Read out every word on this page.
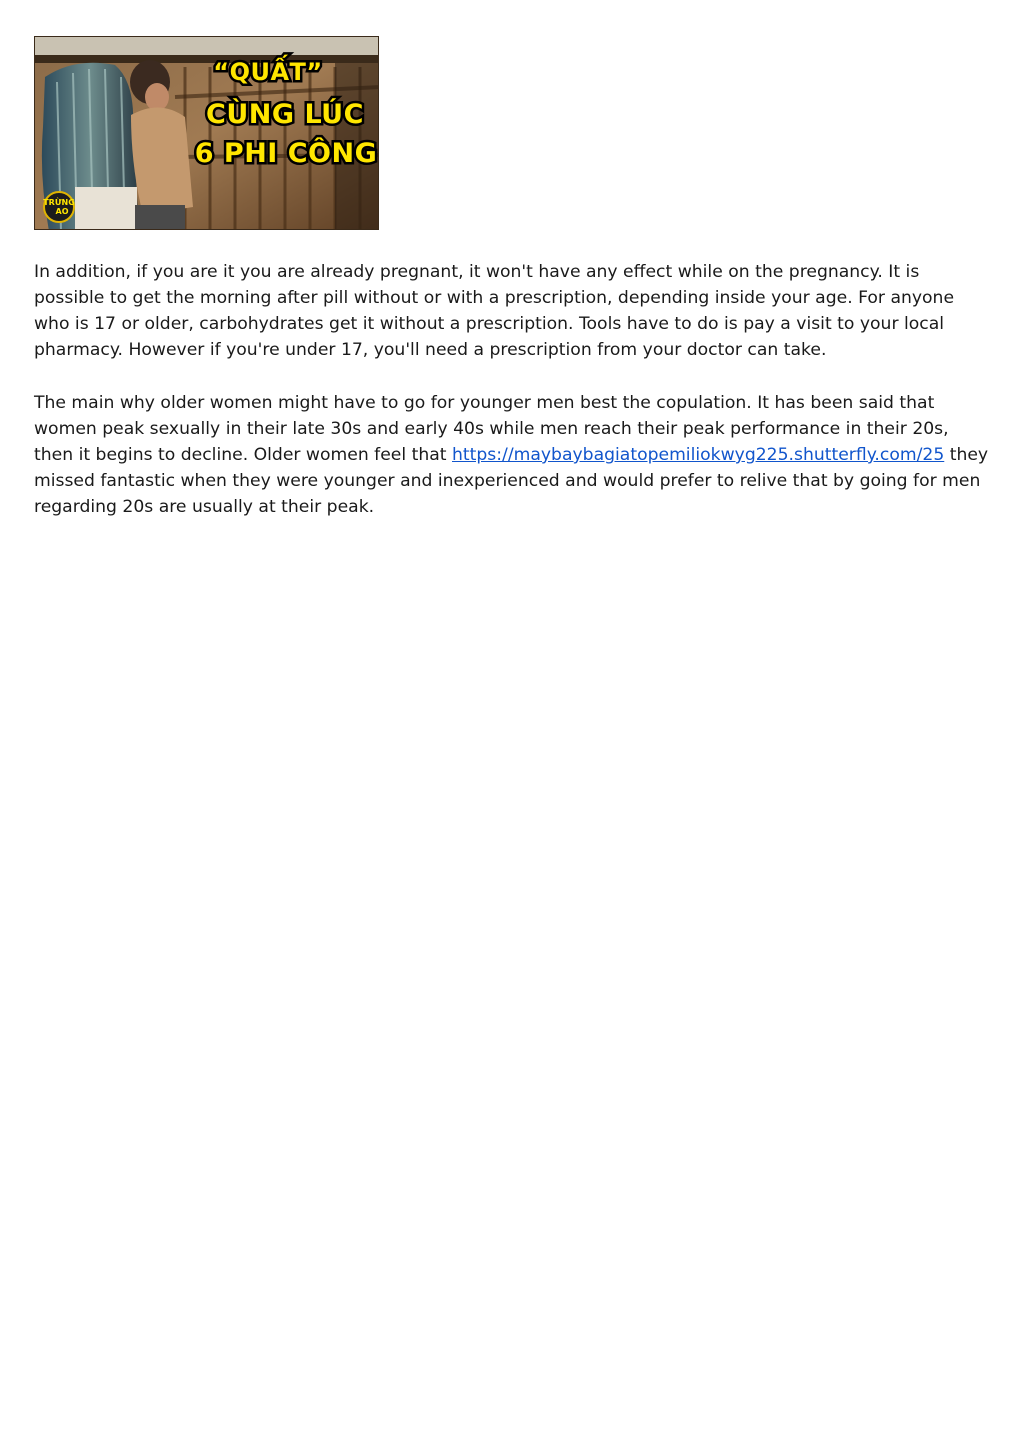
“QUẤT”
CÙNG LÚC
6 PHI CÔNG
TRỪNG
AO

In addition, if you are it you are already pregnant, it won't have any effect while on the pregnancy. It is possible to get the morning after pill without or with a prescription, depending inside your age. For anyone who is 17 or older, carbohydrates get it without a prescription. Tools have to do is pay a visit to your local pharmacy. However if you're under 17, you'll need a prescription from your doctor can take.

The main why older women might have to go for younger men best the copulation. It has been said that women peak sexually in their late 30s and early 40s while men reach their peak performance in their 20s, then it begins to decline. Older women feel that https://maybaybagiatopemiliokwyg225.shutterfly.com/25 they missed fantastic when they were younger and inexperienced and would prefer to relive that by going for men regarding 20s are usually at their peak.
